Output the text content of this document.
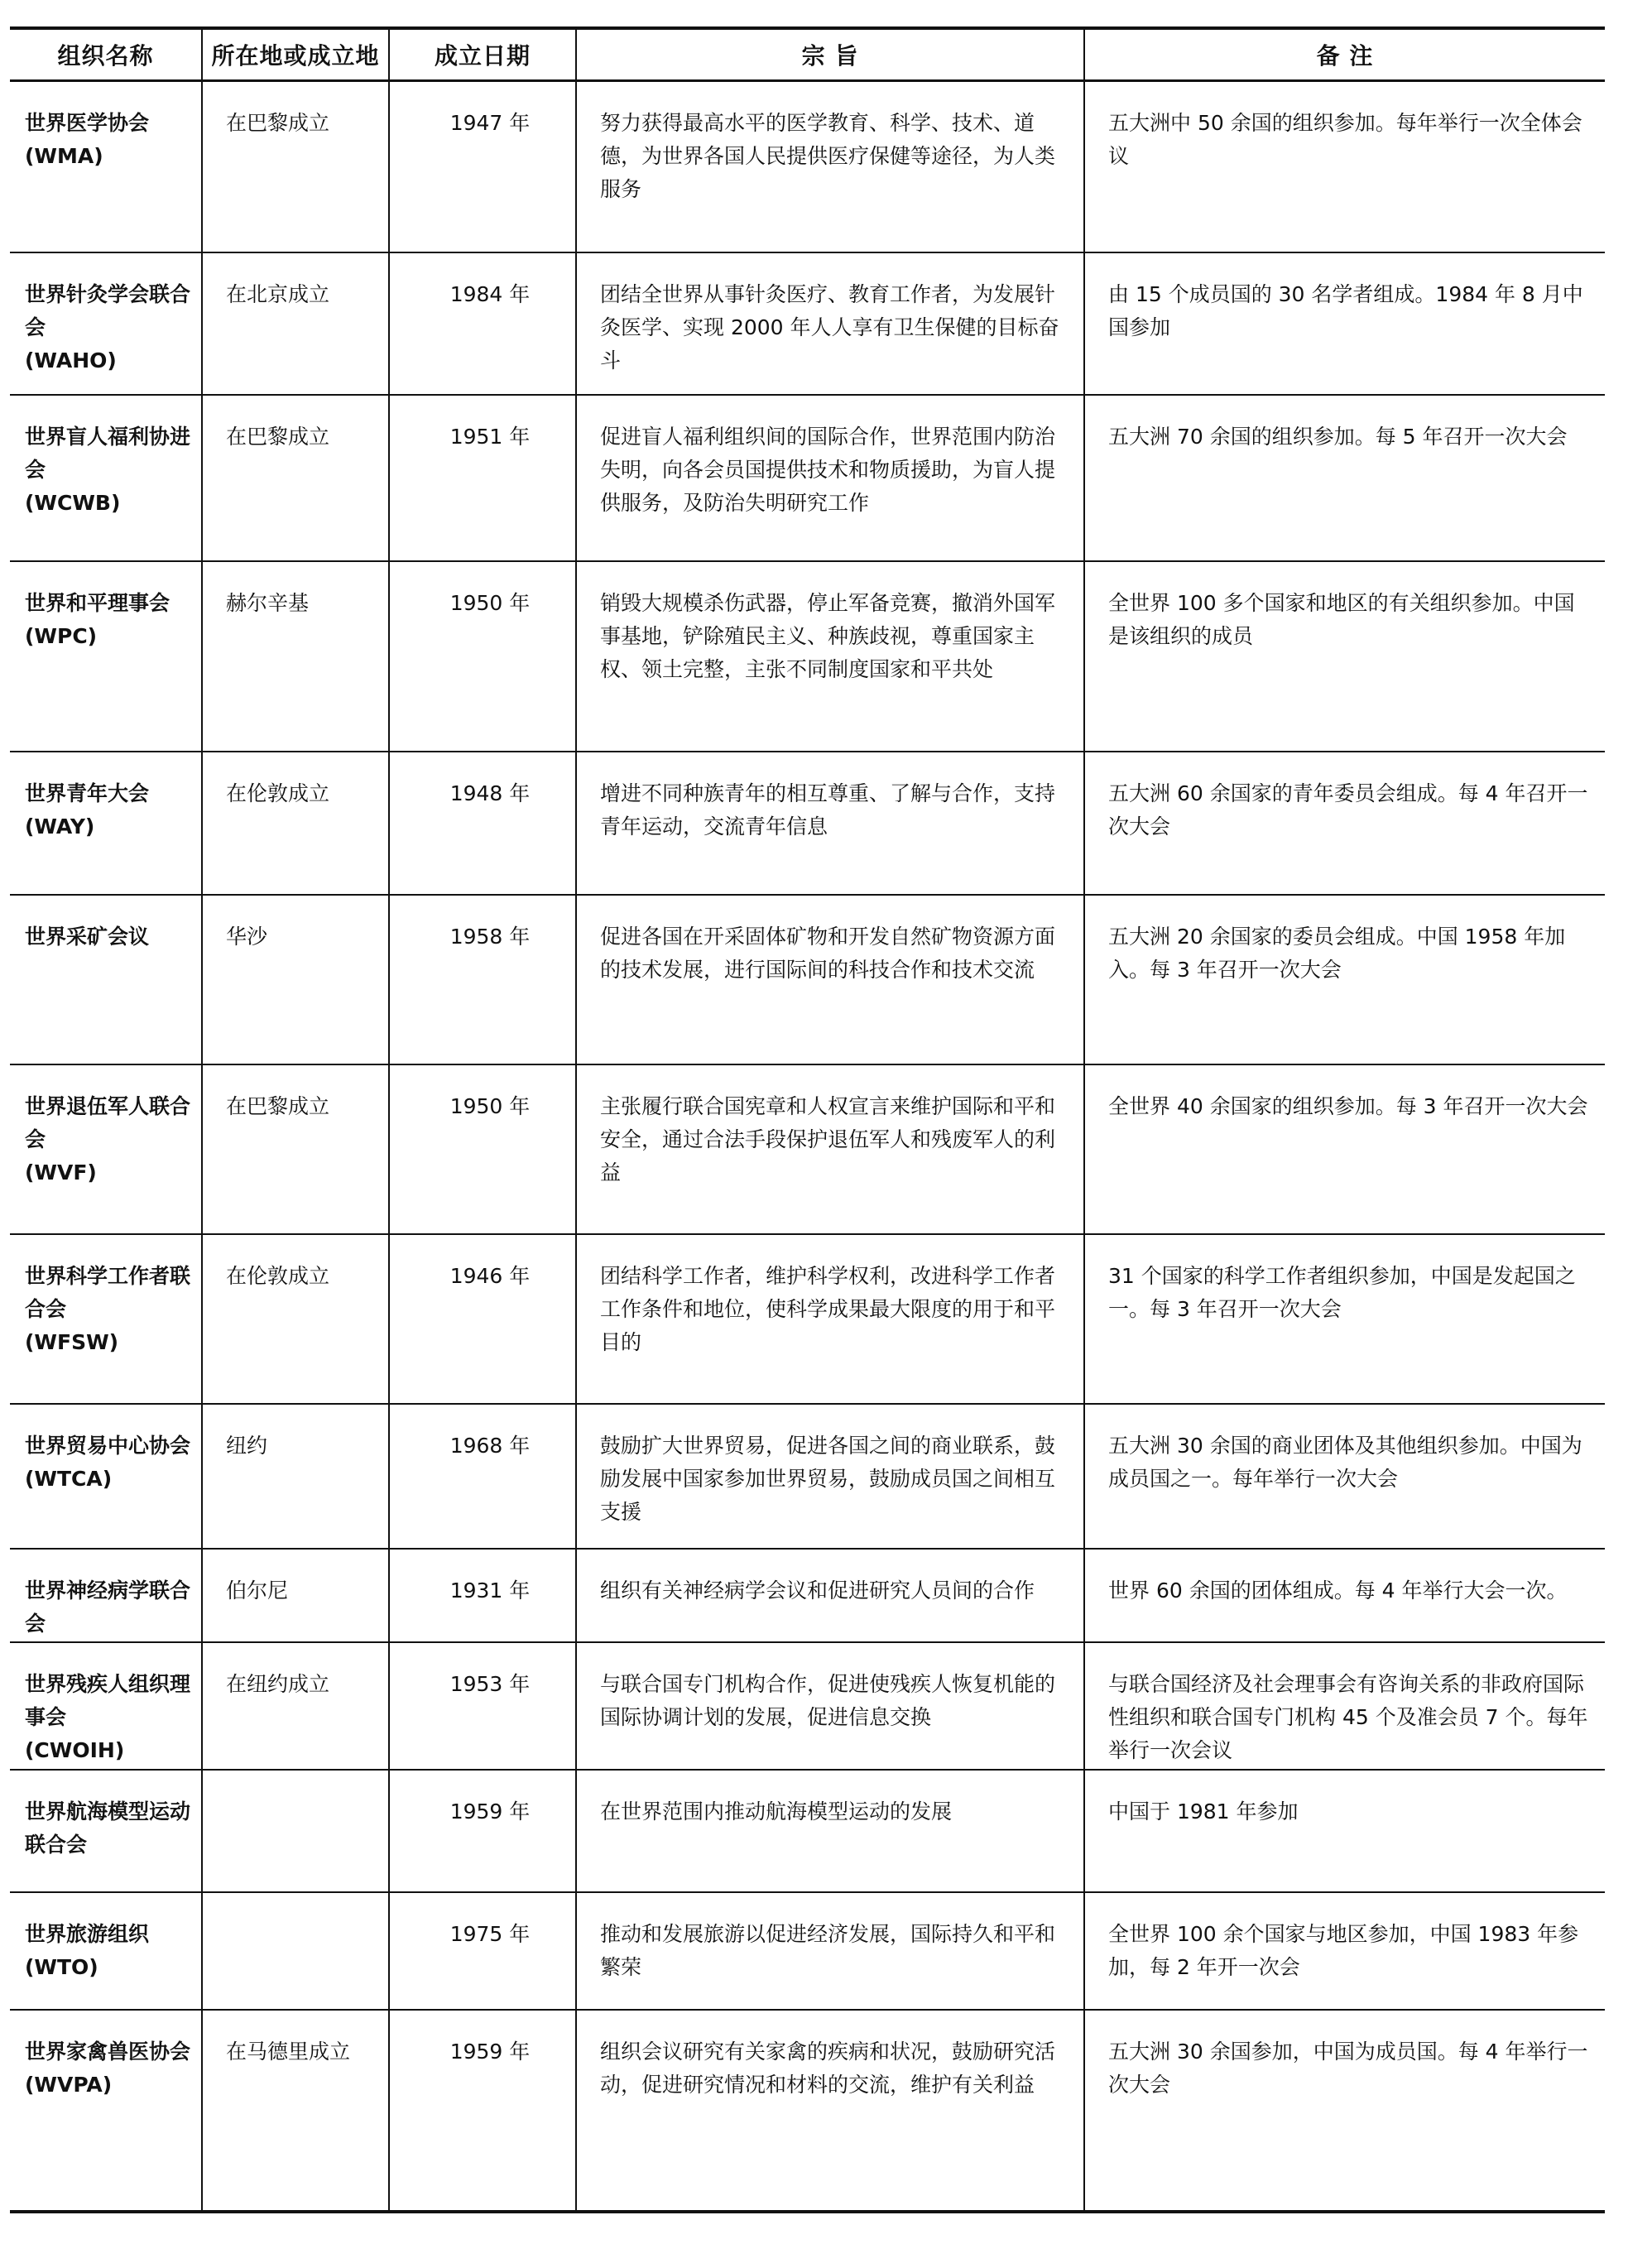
组织名称	所在地或成立地	成立日期	宗 旨	备 注

世界医学协会
(WMA)	在巴黎成立	1947 年	努力获得最高水平的医学教育、科学、技术、道德，为世界各国人民提供医疗保健等途径，为人类服务	五大洲中 50 余国的组织参加。每年举行一次全体会议

世界针灸学会联合会
(WAHO)	在北京成立	1984 年	团结全世界从事针灸医疗、教育工作者，为发展针灸医学、实现 2000 年人人享有卫生保健的目标奋斗	由 15 个成员国的 30 名学者组成。1984 年 8 月中国参加

世界盲人福利协进会
(WCWB)	在巴黎成立	1951 年	促进盲人福利组织间的国际合作，世界范围内防治失明，向各会员国提供技术和物质援助，为盲人提供服务，及防治失明研究工作	五大洲 70 余国的组织参加。每 5 年召开一次大会

世界和平理事会
(WPC)	赫尔辛基	1950 年	销毁大规模杀伤武器，停止军备竞赛，撤消外国军事基地，铲除殖民主义、种族歧视，尊重国家主权、领土完整，主张不同制度国家和平共处	全世界 100 多个国家和地区的有关组织参加。中国是该组织的成员

世界青年大会
(WAY)	在伦敦成立	1948 年	增进不同种族青年的相互尊重、了解与合作，支持青年运动，交流青年信息	五大洲 60 余国家的青年委员会组成。每 4 年召开一次大会

世界采矿会议	华沙	1958 年	促进各国在开采固体矿物和开发自然矿物资源方面的技术发展，进行国际间的科技合作和技术交流	五大洲 20 余国家的委员会组成。中国 1958 年加入。每 3 年召开一次大会

世界退伍军人联合会
(WVF)	在巴黎成立	1950 年	主张履行联合国宪章和人权宣言来维护国际和平和安全，通过合法手段保护退伍军人和残废军人的利益	全世界 40 余国家的组织参加。每 3 年召开一次大会

世界科学工作者联合会
(WFSW)	在伦敦成立	1946 年	团结科学工作者，维护科学权利，改进科学工作者工作条件和地位，使科学成果最大限度的用于和平目的	31 个国家的科学工作者组织参加，中国是发起国之一。每 3 年召开一次大会

世界贸易中心协会
(WTCA)	纽约	1968 年	鼓励扩大世界贸易，促进各国之间的商业联系，鼓励发展中国家参加世界贸易，鼓励成员国之间相互支援	五大洲 30 余国的商业团体及其他组织参加。中国为成员国之一。每年举行一次大会

世界神经病学联合会	伯尔尼	1931 年	组织有关神经病学会议和促进研究人员间的合作	世界 60 余国的团体组成。每 4 年举行大会一次。

世界残疾人组织理事会
(CWOIH)	在纽约成立	1953 年	与联合国专门机构合作，促进使残疾人恢复机能的国际协调计划的发展，促进信息交换	与联合国经济及社会理事会有咨询关系的非政府国际性组织和联合国专门机构 45 个及准会员 7 个。每年举行一次会议

世界航海模型运动联合会		1959 年	在世界范围内推动航海模型运动的发展	中国于 1981 年参加

世界旅游组织
(WTO)		1975 年	推动和发展旅游以促进经济发展，国际持久和平和繁荣	全世界 100 余个国家与地区参加，中国 1983 年参加，每 2 年开一次会

世界家禽兽医协会
(WVPA)	在马德里成立	1959 年	组织会议研究有关家禽的疾病和状况，鼓励研究活动，促进研究情况和材料的交流，维护有关利益	五大洲 30 余国参加，中国为成员国。每 4 年举行一次大会
